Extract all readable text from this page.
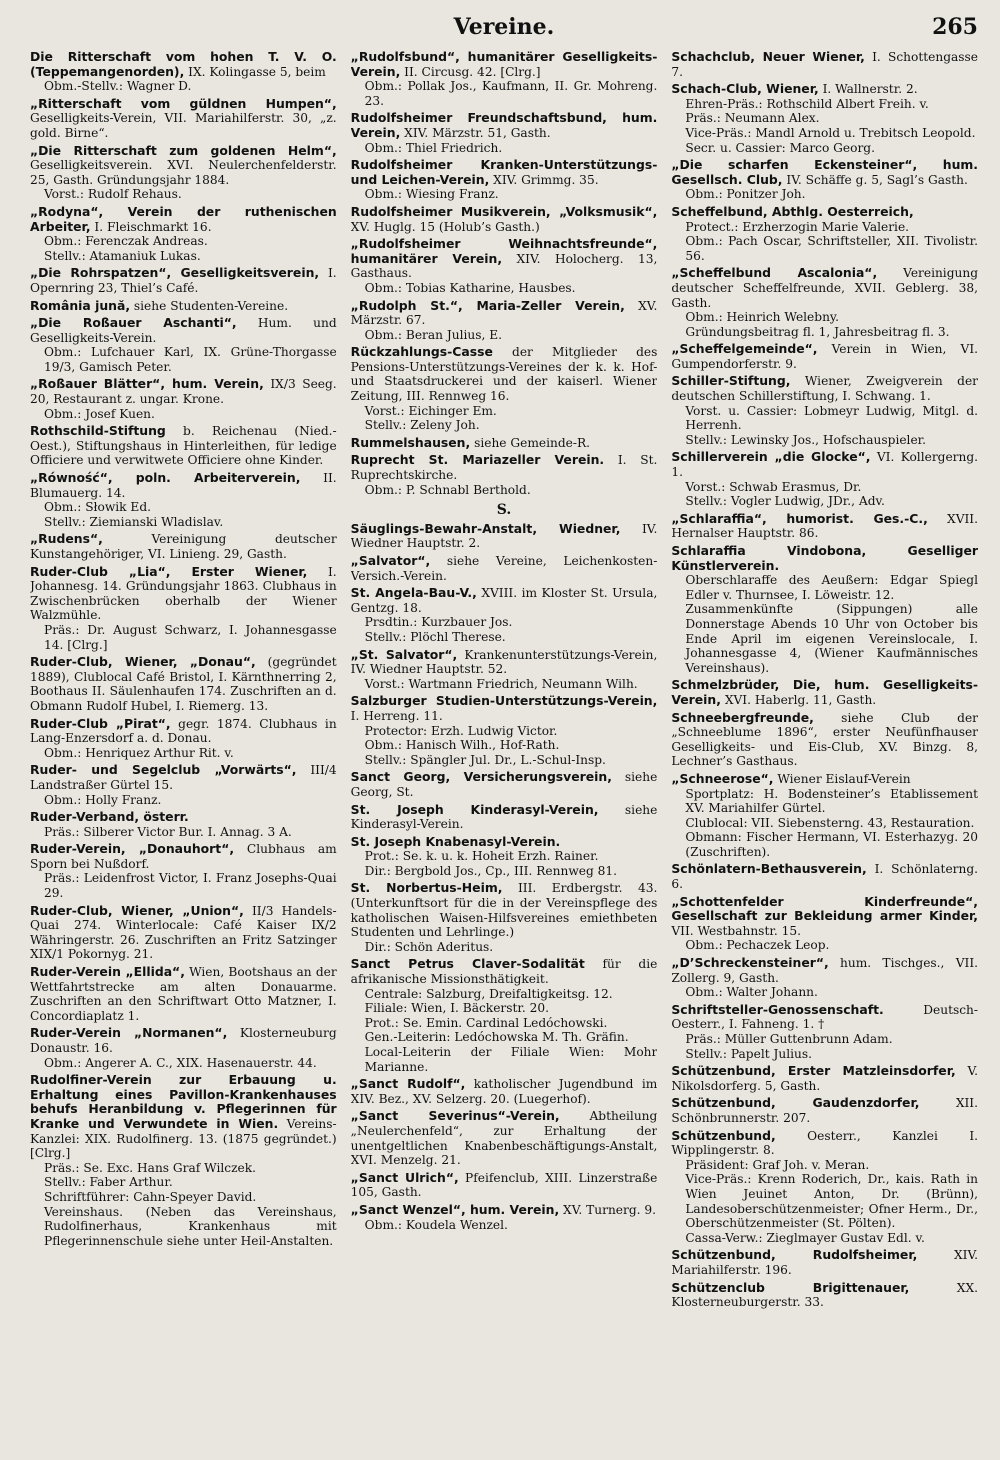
Vereine.	265
Die Ritterschaft vom hohen T. V. O. (Teppemangenorden), IX. Kolingasse 5, beim
Obm.-Stellv.: Wagner D.
„Ritterschaft vom güldnen Humpen“, Geselligkeits-Verein, VII. Mariahilferstr. 30, „z. gold. Birne“.
„Die Ritterschaft zum goldenen Helm“, Geselligkeitsverein. XVI. Neulerchenfelderstr. 25, Gasth. Gründungsjahr 1884.
Vorst.: Rudolf Rehaus.
„Rodyna“, Verein der ruthenischen Arbeiter, I. Fleischmarkt 16.
Obm.: Ferenczak Andreas.
Stellv.: Atamaniuk Lukas.
„Die Rohrspatzen“, Geselligkeitsverein, I. Opernring 23, Thiel’s Café.
România jună, siehe Studenten-Vereine.
„Die Roßauer Aschanti“, Hum. und Geselligkeits-Verein.
Obm.: Lufchauer Karl, IX. Grüne-Thorgasse 19/3, Gamisch Peter.
„Roßauer Blätter“, hum. Verein, IX/3 Seeg. 20, Restaurant z. ungar. Krone.
Obm.: Josef Kuen.
Rothschild-Stiftung b. Reichenau (Nied.-Oest.), Stiftungshaus in Hinterleithen, für ledige Officiere und verwitwete Officiere ohne Kinder.
„Równość“, poln. Arbeiterverein, II. Blumauerg. 14.
Obm.: Słowik Ed.
Stellv.: Ziemianski Wladislav.
„Rudens“, Vereinigung deutscher Kunstangehöriger, VI. Linieng. 29, Gasth.
Ruder-Club „Lia“, Erster Wiener, I. Johannesg. 14. Gründungsjahr 1863. Clubhaus in Zwischenbrücken oberhalb der Wiener Walzmühle.
Präs.: Dr. August Schwarz, I. Johannesgasse 14. [Clrg.]
Ruder-Club, Wiener, „Donau“, (gegründet 1889), Clublocal Café Bristol, I. Kärnthnerring 2, Boothaus II. Säulenhaufen 174. Zuschriften an d. Obmann Rudolf Hubel, I. Riemerg. 13.
Ruder-Club „Pirat“, gegr. 1874. Clubhaus in Lang-Enzersdorf a. d. Donau.
Obm.: Henriquez Arthur Rit. v.
Ruder- und Segelclub „Vorwärts“, III/4 Landstraßer Gürtel 15.
Obm.: Holly Franz.
Ruder-Verband, österr.
Präs.: Silberer Victor Bur. I. Annag. 3 A.
Ruder-Verein, „Donauhort“, Clubhaus am Sporn bei Nußdorf.
Präs.: Leidenfrost Victor, I. Franz Josephs-Quai 29.
Ruder-Club, Wiener, „Union“, II/3 Handels-Quai 274. Winterlocale: Café Kaiser IX/2 Währingerstr. 26. Zuschriften an Fritz Satzinger XIX/1 Pokornyg. 21.
Ruder-Verein „Ellida“, Wien, Bootshaus an der Wettfahrtstrecke am alten Donauarme. Zuschriften an den Schriftwart Otto Matzner, I. Concordiaplatz 1.
Ruder-Verein „Normanen“, Klosterneuburg Donaustr. 16.
Obm.: Angerer A. C., XIX. Hasenauerstr. 44.
Rudolfiner-Verein zur Erbauung u. Erhaltung eines Pavillon-Krankenhauses behufs Heranbildung v. Pflegerinnen für Kranke und Verwundete in Wien. Vereins-Kanzlei: XIX. Rudolfinerg. 13. (1875 gegründet.) [Clrg.]
Präs.: Se. Exc. Hans Graf Wilczek.
Stellv.: Faber Arthur.
Schriftführer: Cahn-Speyer David.
Vereinshaus. (Neben das Vereinshaus, Rudolfinerhaus, Krankenhaus mit Pflegerinnenschule siehe unter Heil-Anstalten.
„Rudolfsbund“, humanitärer Geselligkeits-Verein, II. Circusg. 42. [Clrg.]
Obm.: Pollak Jos., Kaufmann, II. Gr. Mohreng. 23.
Rudolfsheimer Freundschaftsbund, hum. Verein, XIV. Märzstr. 51, Gasth.
Obm.: Thiel Friedrich.
Rudolfsheimer Kranken-Unterstützungs- und Leichen-Verein, XIV. Grimmg. 35.
Obm.: Wiesing Franz.
Rudolfsheimer Musikverein, „Volksmusik“, XV. Huglg. 15 (Holub’s Gasth.)
„Rudolfsheimer Weihnachtsfreunde“, humanitärer Verein, XIV. Holocherg. 13, Gasthaus.
Obm.: Tobias Katharine, Hausbes.
„Rudolph St.“, Maria-Zeller Verein, XV. Märzstr. 67.
Obm.: Beran Julius, E.
Rückzahlungs-Casse der Mitglieder des Pensions-Unterstützungs-Vereines der k. k. Hof- und Staatsdruckerei und der kaiserl. Wiener Zeitung, III. Rennweg 16.
Vorst.: Eichinger Em.
Stellv.: Zeleny Joh.
Rummelshausen, siehe Gemeinde-R.
Ruprecht St. Mariazeller Verein. I. St. Ruprechtskirche.
Obm.: P. Schnabl Berthold.
S.
Säuglings-Bewahr-Anstalt, Wiedner, IV. Wiedner Hauptstr. 2.
„Salvator“, siehe Vereine, Leichenkosten-Versich.-Verein.
St. Angela-Bau-V., XVIII. im Kloster St. Ursula, Gentzg. 18.
Prsdtin.: Kurzbauer Jos.
Stellv.: Plöchl Therese.
„St. Salvator“, Krankenunterstützungs-Verein, IV. Wiedner Hauptstr. 52.
Vorst.: Wartmann Friedrich, Neumann Wilh.
Salzburger Studien-Unterstützungs-Verein, I. Herreng. 11.
Protector: Erzh. Ludwig Victor.
Obm.: Hanisch Wilh., Hof-Rath.
Stellv.: Spängler Jul. Dr., L.-Schul-Insp.
Sanct Georg, Versicherungsverein, siehe Georg, St.
St. Joseph Kinderasyl-Verein, siehe Kinderasyl-Verein.
St. Joseph Knabenasyl-Verein.
Prot.: Se. k. u. k. Hoheit Erzh. Rainer.
Dir.: Bergbold Jos., Cp., III. Rennweg 81.
St. Norbertus-Heim, III. Erdbergstr. 43. (Unterkunftsort für die in der Vereinspflege des katholischen Waisen-Hilfsvereines emiethbeten Studenten und Lehrlinge.)
Dir.: Schön Aderitus.
Sanct Petrus Claver-Sodalität für die afrikanische Missionsthätigkeit.
Centrale: Salzburg, Dreifaltigkeitsg. 12.
Filiale: Wien, I. Bäckerstr. 20.
Prot.: Se. Emin. Cardinal Ledóchowski.
Gen.-Leiterin: Ledóchowska M. Th. Gräfin.
Local-Leiterin der Filiale Wien: Mohr Marianne.
„Sanct Rudolf“, katholischer Jugendbund im XIV. Bez., XV. Selzerg. 20. (Luegerhof).
„Sanct Severinus“-Verein, Abtheilung „Neulerchenfeld“, zur Erhaltung der unentgeltlichen Knabenbeschäftigungs-Anstalt, XVI. Menzelg. 21.
„Sanct Ulrich“, Pfeifenclub, XIII. Linzerstraße 105, Gasth.
„Sanct Wenzel“, hum. Verein, XV. Turnerg. 9.
Obm.: Koudela Wenzel.
Schachclub, Neuer Wiener, I. Schottengasse 7.
Schach-Club, Wiener, I. Wallnerstr. 2.
Ehren-Präs.: Rothschild Albert Freih. v.
Präs.: Neumann Alex.
Vice-Präs.: Mandl Arnold u. Trebitsch Leopold.
Secr. u. Cassier: Marco Georg.
„Die scharfen Eckensteiner“, hum. Gesellsch. Club, IV. Schäffe g. 5, Sagl’s Gasth.
Obm.: Ponitzer Joh.
Scheffelbund, Abthlg. Oesterreich,
Protect.: Erzherzogin Marie Valerie.
Obm.: Pach Oscar, Schriftsteller, XII. Tivolistr. 56.
„Scheffelbund Ascalonia“, Vereinigung deutscher Scheffelfreunde, XVII. Geblerg. 38, Gasth.
Obm.: Heinrich Welebny.
Gründungsbeitrag fl. 1, Jahresbeitrag fl. 3.
„Scheffelgemeinde“, Verein in Wien, VI. Gumpendorferstr. 9.
Schiller-Stiftung, Wiener, Zweigverein der deutschen Schillerstiftung, I. Schwang. 1.
Vorst. u. Cassier: Lobmeyr Ludwig, Mitgl. d. Herrenh.
Stellv.: Lewinsky Jos., Hofschauspieler.
Schillerverein „die Glocke“, VI. Kollergerng. 1.
Vorst.: Schwab Erasmus, Dr.
Stellv.: Vogler Ludwig, JDr., Adv.
„Schlaraffia“, humorist. Ges.-C., XVII. Hernalser Hauptstr. 86.
Schlaraffia Vindobona, Geselliger Künstlerverein.
Oberschlaraffe des Aeußern: Edgar Spiegl Edler v. Thurnsee, I. Löweistr. 12.
Zusammenkünfte (Sippungen) alle Donnerstage Abends 10 Uhr von October bis Ende April im eigenen Vereinslocale, I. Johannesgasse 4, (Wiener Kaufmännisches Vereinshaus).
Schmelzbrüder, Die, hum. Geselligkeits-Verein, XVI. Haberlg. 11, Gasth.
Schneebergfreunde, siehe Club der „Schneeblume 1896“, erster Neufünfhauser Geselligkeits- und Eis-Club, XV. Binzg. 8, Lechner’s Gasthaus.
„Schneerose“, Wiener Eislauf-Verein
Sportplatz: H. Bodensteiner’s Etablissement XV. Mariahilfer Gürtel.
Clublocal: VII. Siebensterng. 43, Restauration.
Obmann: Fischer Hermann, VI. Esterhazyg. 20 (Zuschriften).
Schönlatern-Bethausverein, I. Schönlaterng. 6.
„Schottenfelder Kinderfreunde“, Gesellschaft zur Bekleidung armer Kinder, VII. Westbahnstr. 15.
Obm.: Pechaczek Leop.
„D’Schreckensteiner“, hum. Tischges., VII. Zollerg. 9, Gasth.
Obm.: Walter Johann.
Schriftsteller-Genossenschaft. Deutsch-Oesterr., I. Fahneng. 1. †
Präs.: Müller Guttenbrunn Adam.
Stellv.: Papelt Julius.
Schützenbund, Erster Matzleinsdorfer, V. Nikolsdorferg. 5, Gasth.
Schützenbund, Gaudenzdorfer, XII. Schönbrunnerstr. 207.
Schützenbund, Oesterr., Kanzlei I. Wipplingerstr. 8.
Präsident: Graf Joh. v. Meran.
Vice-Präs.: Krenn Roderich, Dr., kais. Rath in Wien Jeuinet Anton, Dr. (Brünn), Landesoberschützenmeister; Ofner Herm., Dr., Oberschützenmeister (St. Pölten).
Cassa-Verw.: Zieglmayer Gustav Edl. v.
Schützenbund, Rudolfsheimer, XIV. Mariahilferstr. 196.
Schützenclub Brigittenauer, XX. Klosterneuburgerstr. 33.
